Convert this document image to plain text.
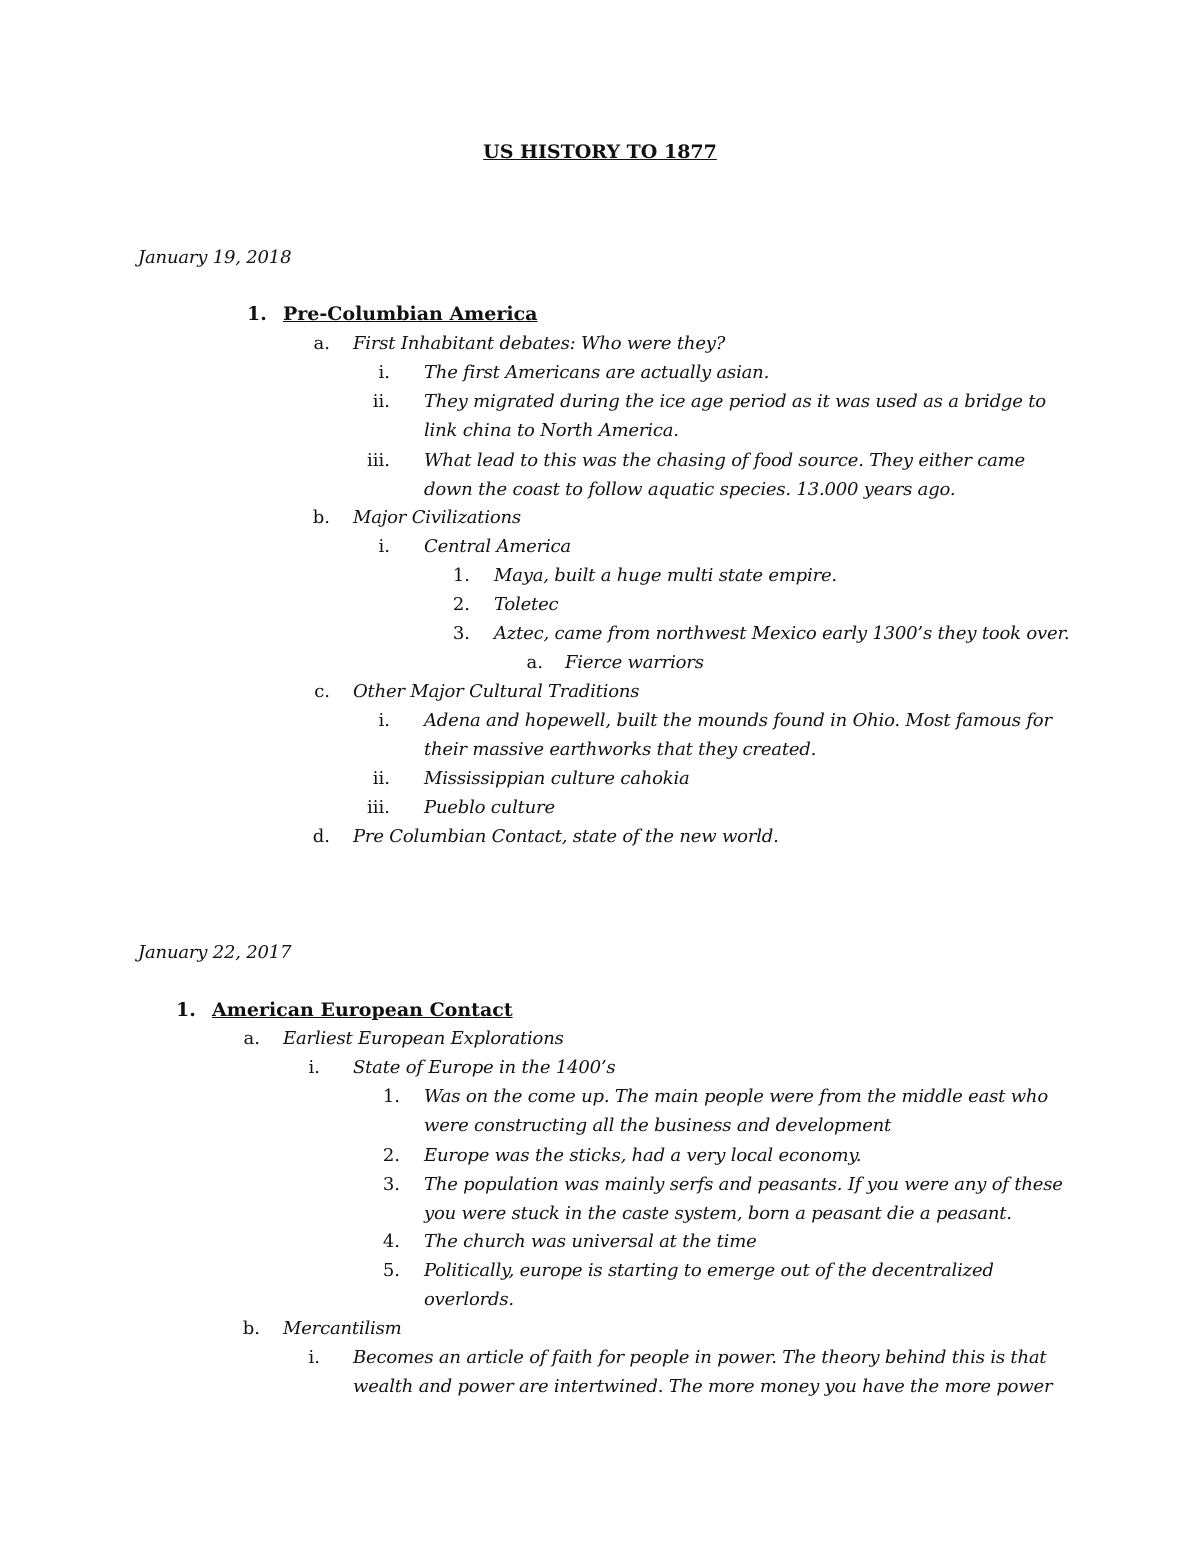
US HISTORY TO 1877
January 19, 2018
1. Pre-Columbian America
a. First Inhabitant debates: Who were they?
i. The first Americans are actually asian.
ii. They migrated during the ice age period as it was used as a bridge to
link china to North America.
iii. What lead to this was the chasing of food source. They either came
down the coast to follow aquatic species. 13.000 years ago.
b. Major Civilizations
i. Central America
1. Maya, built a huge multi state empire.
2. Toletec
3. Aztec, came from northwest Mexico early 1300’s they took over.
a. Fierce warriors
c. Other Major Cultural Traditions
i. Adena and hopewell, built the mounds found in Ohio. Most famous for
their massive earthworks that they created.
ii. Mississippian culture cahokia
iii. Pueblo culture
d. Pre Columbian Contact, state of the new world.
January 22, 2017
1. American European Contact
a. Earliest European Explorations
i. State of Europe in the 1400’s
1. Was on the come up. The main people were from the middle east who
were constructing all the business and development
2. Europe was the sticks, had a very local economy.
3. The population was mainly serfs and peasants. If you were any of these
you were stuck in the caste system, born a peasant die a peasant.
4. The church was universal at the time
5. Politically, europe is starting to emerge out of the decentralized
overlords.
b. Mercantilism
i. Becomes an article of faith for people in power. The theory behind this is that
wealth and power are intertwined. The more money you have the more power
